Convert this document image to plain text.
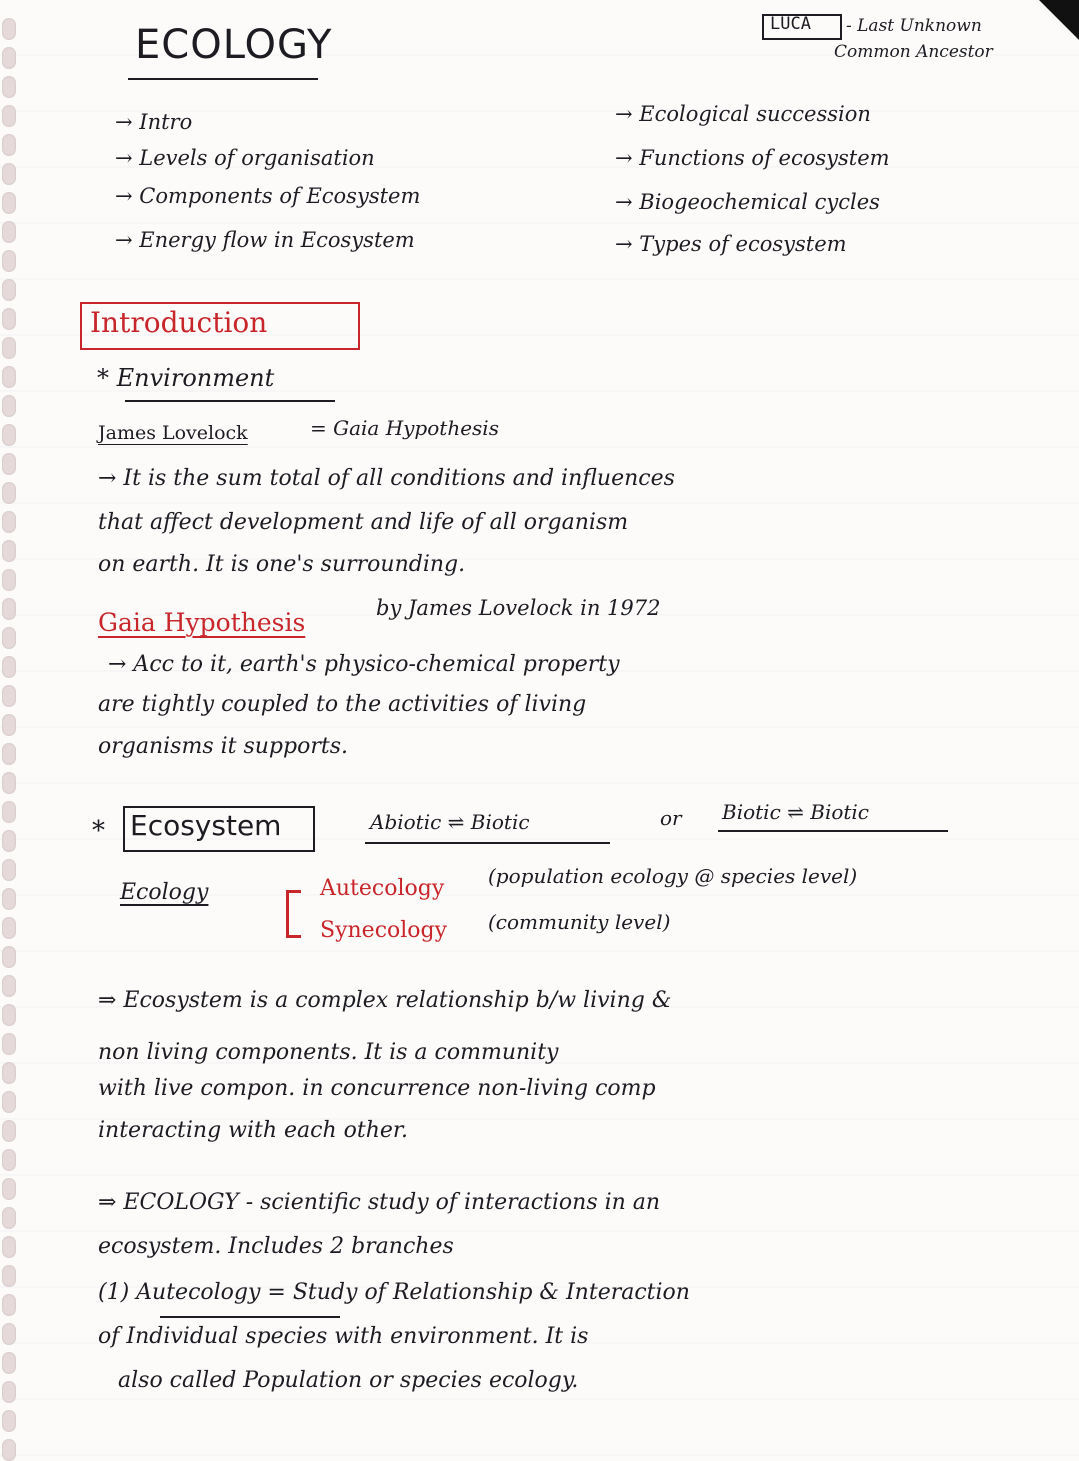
ECOLOGY	LUCA - Last Unknown
Common Ancestor
→ Intro
→ Levels of organisation
→ Components of Ecosystem
→ Energy flow in Ecosystem
→ Ecological succession
→ Functions of ecosystem
→ Biogeochemical cycles
→ Types of ecosystem
Introduction
* Environment
James Lovelock	= Gaia Hypothesis
→ It is the sum total of all conditions and influences
that affect development and life of all organism
on earth. It is one's surrounding.
Gaia Hypothesis	by James Lovelock in 1972
→ Acc to it, earth's physico-chemical property
are tightly coupled to the activities of living
organisms it supports.
* Ecosystem	Abiotic ⇌ Biotic	or Biotic ⇌ Biotic
Ecology	Autecology (population ecology @ species level)
Synecology (community level)
⇒ Ecosystem is a complex relationship b/w living &
non living components. It is a community
with live compon. in concurrence non-living comp
interacting with each other.
⇒ ECOLOGY - scientific study of interactions in an
ecosystem. Includes 2 branches
(1) Autecology = Study of Relationship & Interaction
of Individual species with environment. It is
also called Population or species ecology.
